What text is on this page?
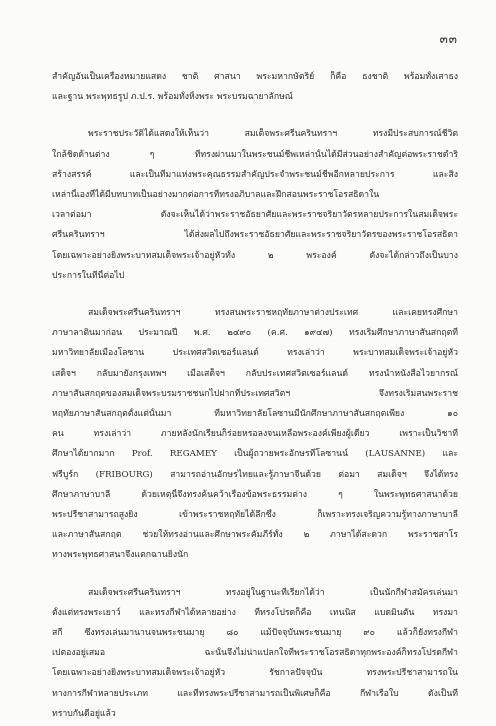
๓๓
สำคัญอันเป็นเครื่องหมายแสดง ชาติ ศาสนา พระมหากษัตริย์ ก็คือ ธงชาติ พร้อมทั้งเสาธง
และฐาน พระพุทธรูป ภ.ป.ร. พร้อมทั้งหิ้งพระ พระบรมฉายาลักษณ์
พระราชประวัติได้แสดงให้เห็นว่า สมเด็จพระศรีนครินทราฯ ทรงมีประสบการณ์ชีวิต
ใกล้ชิดด้านต่าง ๆ ที่ทรงผ่านมาในพระชนม์ชีพเหล่านั้นได้มีส่วนอย่างสำคัญต่อพระราชดำริ
สร้างสรรค์ และเป็นที่มาแห่งพระคุณธรรมสำคัญประจำพระชนม์ชีพอีกหลายประการ และสิ่ง
เหล่านี้เองที่ได้มีบทบาทเป็นอย่างมากต่อการที่ทรงอภิบาลและฝึกสอนพระราชโอรสธิดาใน
เวลาต่อมา ดังจะเห็นได้ว่าพระราชอัธยาศัยและพระราชจริยาวัตรหลายประการในสมเด็จพระ
ศรีนครินทราฯ ได้ส่งผลไปถึงพระราชอัธยาศัยและพระราชจริยาวัตรของพระราชโอรสธิดา
โดยเฉพาะอย่างยิ่งพระบาทสมเด็จพระเจ้าอยู่หัวทั้ง ๒ พระองค์ ดังจะได้กล่าวถึงเป็นบาง
ประการในที่นี้ต่อไป
สมเด็จพระศรีนครินทราฯ ทรงสนพระราชหฤทัยภาษาต่างประเทศ และเคยทรงศึกษา
ภาษาลาตินมาก่อน ประมาณปี พ.ศ. ๒๔๙๐ (ค.ศ. ๑๙๔๗) ทรงเริ่มศึกษาภาษาสันสกฤตที่
มหาวิทยาลัยเมืองโลซาน ประเทศสวิตเซอร์แลนด์ ทรงเล่าว่า พระบาทสมเด็จพระเจ้าอยู่หัว
เสด็จฯ กลับมายังกรุงเทพฯ เมื่อเสด็จฯ กลับประเทศสวิตเซอร์แลนด์ ทรงนำหนังสือไวยากรณ์
ภาษาสันสกฤตของสมเด็จพระบรมราชชนกไปฝากที่ประเทศสวิตฯ จึงทรงเริ่มสนพระราช
หฤทัยภาษาสันสกฤตตั้งแต่นั้นมา ที่มหาวิทยาลัยโลซานมีนักศึกษาภาษาสันสกฤตเพียง ๑๐
คน ทรงเล่าว่า ภายหลังนักเรียนก็ร่อยหรอลงจนเหลือพระองค์เพียงผู้เดียว เพราะเป็นวิชาที่
ศึกษาได้ยากมาก Prof. REGAMEY เป็นผู้ถวายพระอักษรที่โลซานน์ (LAUSANNE) และ
ฟรีบูร์ก (FRIBOURG) สามารถอ่านอักษรไทยและรู้ภาษาจีนด้วย ต่อมา สมเด็จฯ จึงได้ทรง
ศึกษาภาษาบาลี ด้วยเหตุนี้จึงทรงค้นคว้าเรื่องข้อพระธรรมต่าง ๆ ในพระพุทธศาสนาด้วย
พระปรีชาสามารถสูงยิ่ง เข้าพระราชหฤทัยได้ลึกซึ้ง ก็เพราะทรงเจริญความรู้ทางภาษาบาลี
และภาษาสันสกฤต ช่วยให้ทรงอ่านและศึกษาพระคัมภีร์ทั้ง ๒ ภาษาได้สะดวก พระราชสาโร
ทางพระพุทธศาสนาจึงแตกฉานยิ่งนัก
สมเด็จพระศรีนครินทราฯ ทรงอยู่ในฐานะที่เรียกได้ว่า เป็นนักกีฬาสมัครเล่นมา
ตั้งแต่ทรงพระเยาว์ และทรงกีฬาได้หลายอย่าง ที่ทรงโปรดก็คือ เทนนิส แบดมินตัน ทรงมา
สกี ซึ่งทรงเล่นมานานจนพระชนมายุ ๘๐ แม้ปัจจุบันพระชนมายุ ๙๐ แล้วก็ยังทรงกีฬา
เปตองอยู่เสมอ ฉะนั้นจึงไม่น่าแปลกใจที่พระราชโอรสธิดาทุกพระองค์ก็ทรงโปรดกีฬา
โดยเฉพาะอย่างยิ่งพระบาทสมเด็จพระเจ้าอยู่หัว รัชกาลปัจจุบัน ทรงพระปรีชาสามารถใน
ทางการกีฬาหลายประเภท และที่ทรงพระปรีชาสามารถเป็นพิเศษก็คือ กีฬาเรือใบ ดังเป็นที่
ทราบกันดีอยู่แล้ว
